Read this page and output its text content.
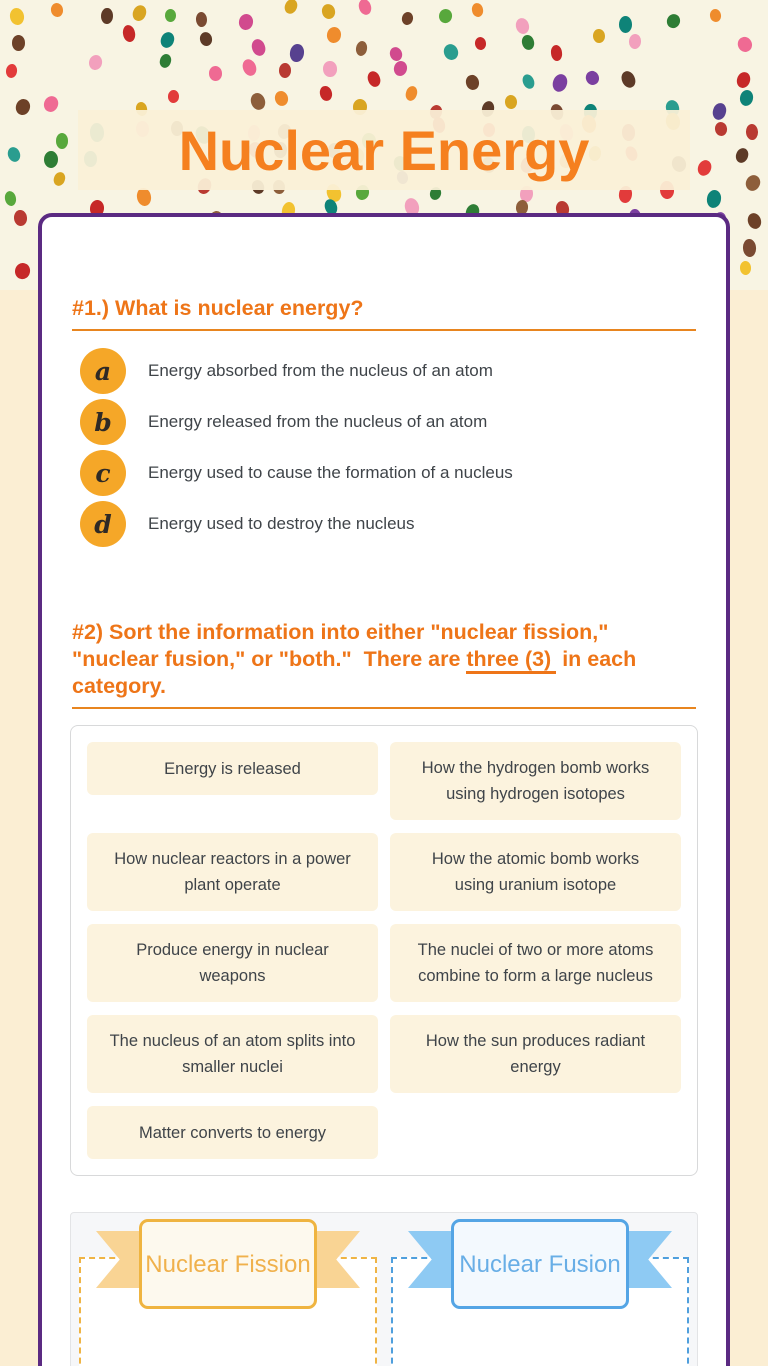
Nuclear Energy
#1.) What is nuclear energy?
a	Energy absorbed from the nucleus of an atom
b	Energy released from the nucleus of an atom
c	Energy used to cause the formation of a nucleus
d	Energy used to destroy the nucleus
#2) Sort the information into either "nuclear fission," "nuclear fusion," or "both."  There are three (3) in each category.
Energy is released	How the hydrogen bomb works using hydrogen isotopes
How nuclear reactors in a power plant operate
How the atomic bomb works using uranium isotope
Produce energy in nuclear weapons
The nuclei of two or more atoms combine to form a large nucleus
The nucleus of an atom splits into smaller nuclei
How the sun produces radiant energy
Matter converts to energy
Nuclear Fission	Nuclear Fusion
